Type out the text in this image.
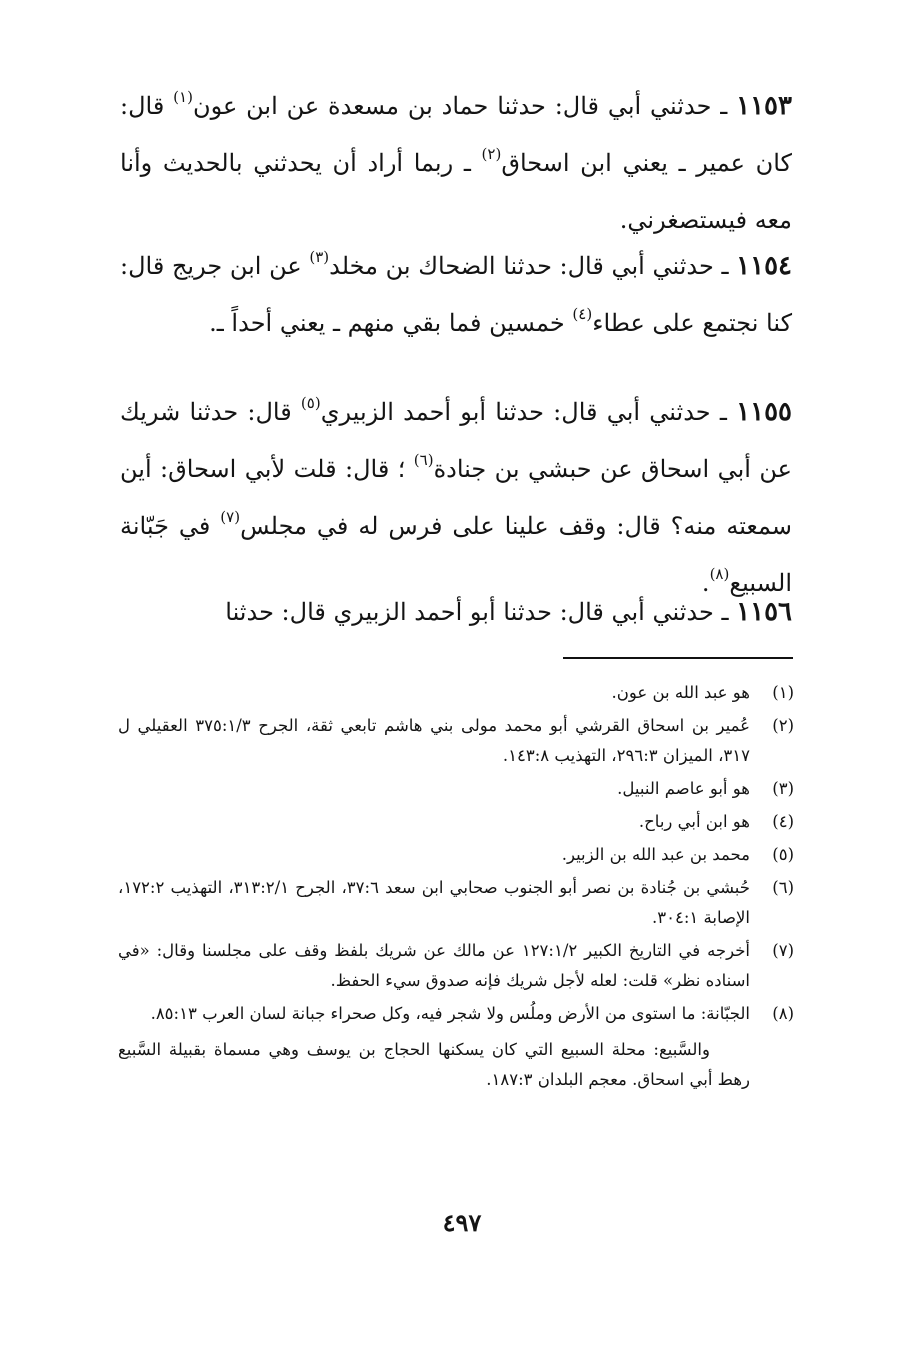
١١٥٣ ـ حدثني أبي قال: حدثنا حماد بن مسعدة عن ابن عون$^{(١)}$ قال: كان عمير ـ يعني ابن اسحاق$^{(٢)}$ ـ ربما أراد أن يحدثني بالحديث وأنا معه فيستصغرني.

١١٥٤ ـ حدثني أبي قال: حدثنا الضحاك بن مخلد$^{(٣)}$ عن ابن جريج قال: كنا نجتمع على عطاء$^{(٤)}$ خمسين فما بقي منهم ـ يعني أحداً ـ.

١١٥٥ ـ حدثني أبي قال: حدثنا أبو أحمد الزبيري$^{(٥)}$ قال: حدثنا شريك عن أبي اسحاق عن حبشي بن جنادة$^{(٦)}$ ؛ قال: قلت لأبي اسحاق: أين سمعته منه؟ قال: وقف علينا على فرس له في مجلس$^{(٧)}$ في جَبّانة السبيع$^{(٨)}$.

١١٥٦ ـ حدثني أبي قال: حدثنا أبو أحمد الزبيري قال: حدثنا

(١)
هو عبد الله بن عون.
(٢)
عُمير بن اسحاق القرشي أبو محمد مولى بني هاشم تابعي ثقة، الجرح ٣٧٥:١/٣ العقيلي ل ٣١٧، الميزان ٢٩٦:٣، التهذيب ١٤٣:٨.
(٣)
هو أبو عاصم النبيل.
(٤)
هو ابن أبي رباح.
(٥)
محمد بن عبد الله بن الزبير.
(٦)
حُبشي بن جُنادة بن نصر أبو الجنوب صحابي ابن سعد ٣٧:٦، الجرح ٣١٣:٢/١، التهذيب ١٧٢:٢، الإصابة ٣٠٤:١.
(٧)
أخرجه في التاريخ الكبير ١٢٧:١/٢ عن مالك عن شريك بلفظ وقف على مجلسنا وقال: «في اسناده نظر» قلت: لعله لأجل شريك فإنه صدوق سيء الحفظ.
(٨)
الجبّانة: ما استوى من الأرض وملُس ولا شجر فيه، وكل صحراء جبانة لسان العرب ٨٥:١٣.
والسَّبيع: محلة السبيع التي كان يسكنها الحجاج بن يوسف وهي مسماة بقبيلة السَّبيع رهط أبي اسحاق. معجم البلدان ١٨٧:٣.
٤٩٧
